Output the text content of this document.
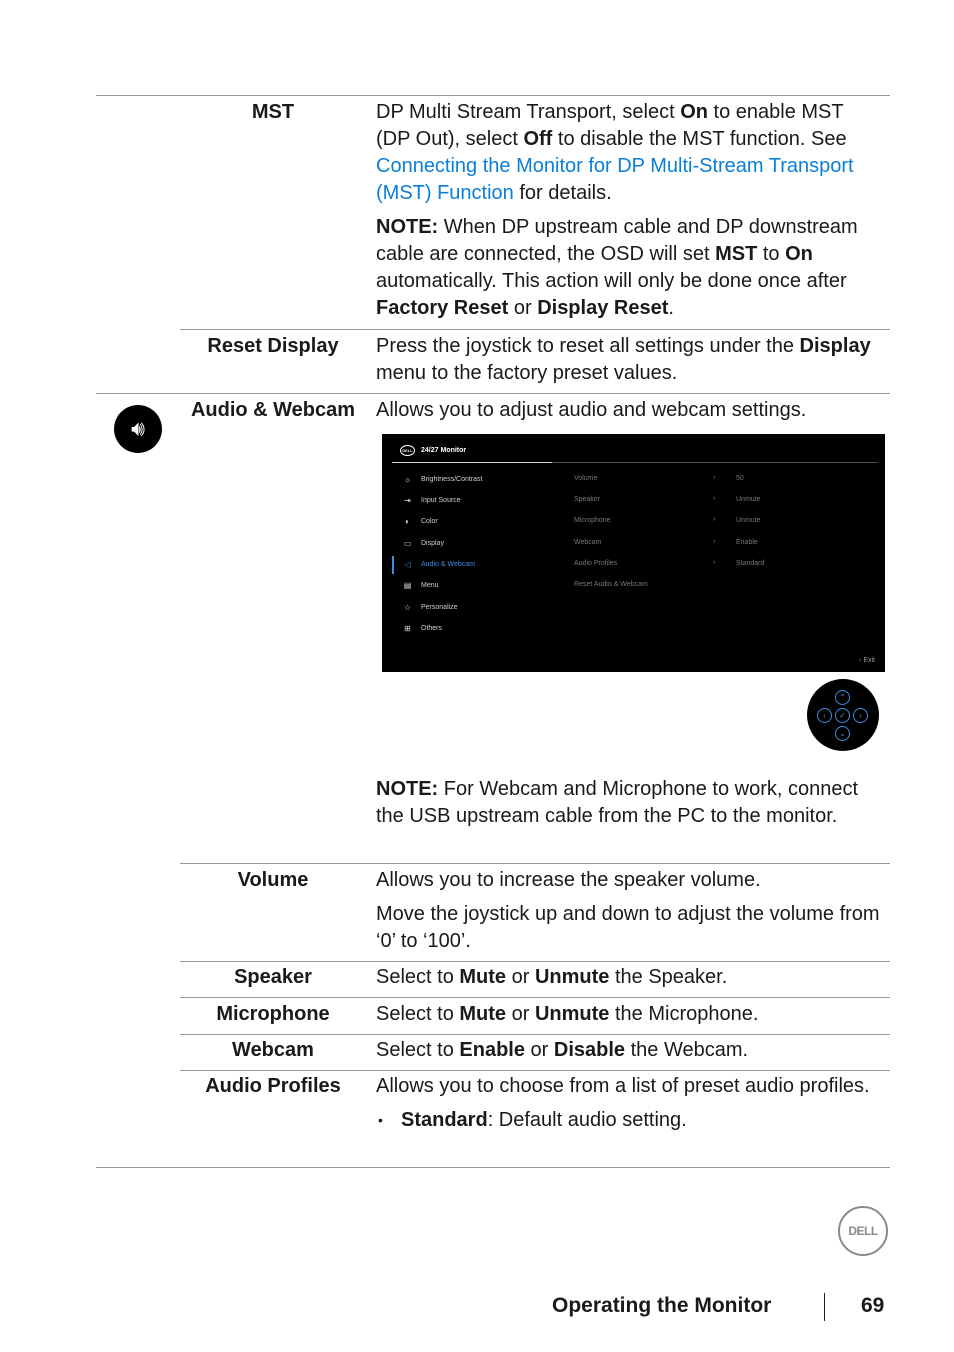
MST	DP Multi Stream Transport, select On to enable MST (DP Out), select Off to disable the MST function. See Connecting the Monitor for DP Multi-Stream Transport (MST) Function for details.

NOTE: When DP upstream cable and DP downstream cable are connected, the OSD will set MST to On automatically. This action will only be done once after Factory Reset or Display Reset.

Reset Display	Press the joystick to reset all settings under the Display menu to the factory preset values.

🔊︎
Audio & Webcam Allows you to adjust audio and webcam settings.

DELL	24/27 Monitor
☼ Brightness/Contrast
⇥	Input Source
◐	Color
▭ Display
◁	Audio & Webcam
▤ Menu
☆ Personalize
⊞	Others
Volume	›	50
Speaker	›	Unmute
Microphone	›	Unmute
Webcam	›	Enable
Audio Profiles	›	Standard
Reset Audio & Webcam
‹ Exit
⌃
‹	✓	›
⌄

NOTE: For Webcam and Microphone to work, connect the USB upstream cable from the PC to the monitor.

Volume	Allows you to increase the speaker volume.

Move the joystick up and down to adjust the volume from ‘0’ to ‘100’.

Speaker	Select to Mute or Unmute the Speaker.

Microphone	Select to Mute or Unmute the Microphone.

Webcam	Select to Enable or Disable the Webcam.

Audio Profiles	Allows you to choose from a list of preset audio profiles.

• Standard: Default audio setting.

DELL
Operating the Monitor	69
